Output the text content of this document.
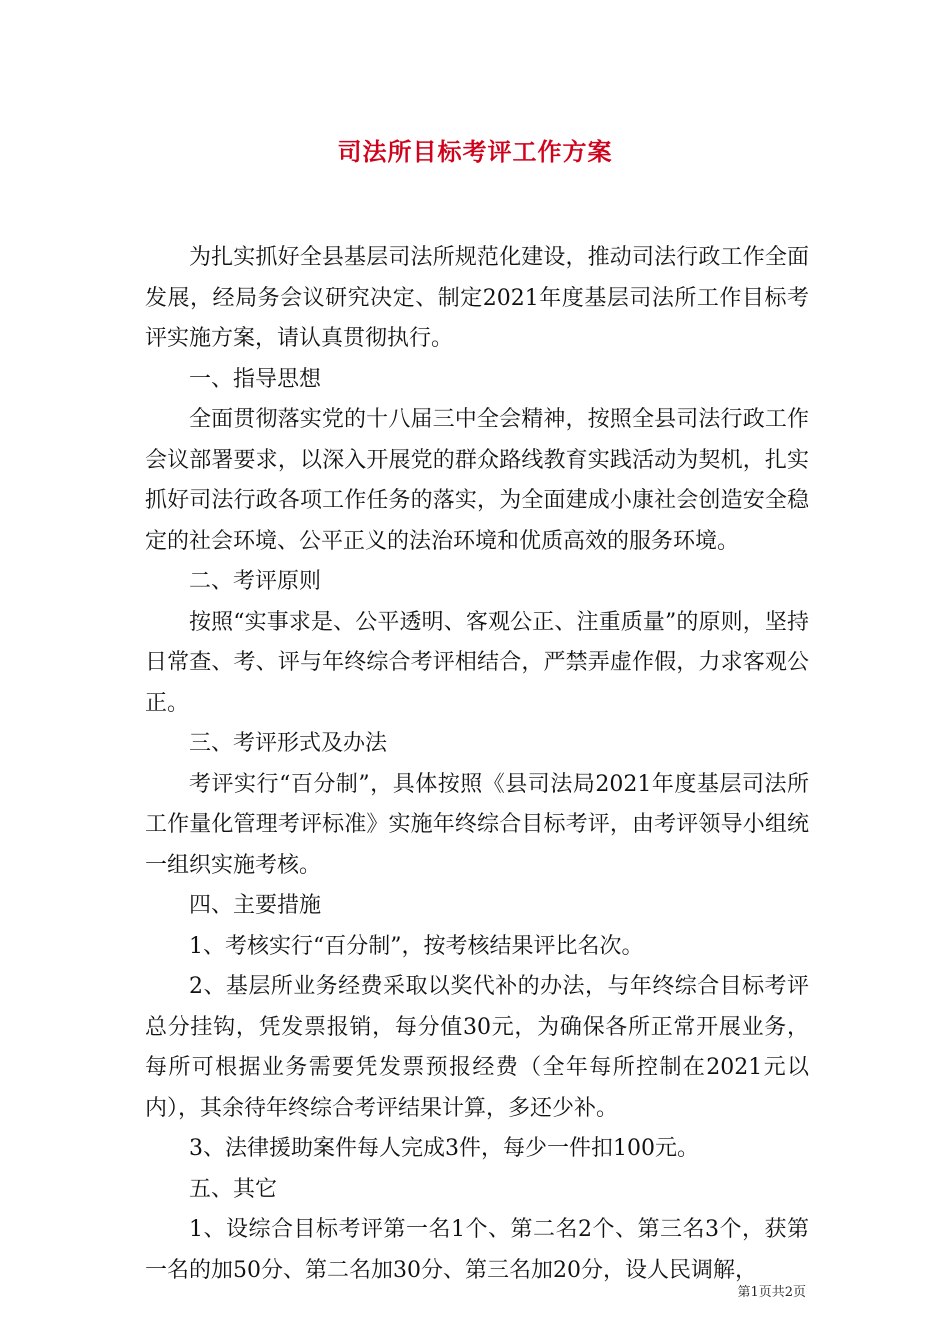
司法所目标考评工作方案

为扎实抓好全县基层司法所规范化建设，推动司法行政工作全面发展，经局务会议研究决定、制定2021年度基层司法所工作目标考评实施方案，请认真贯彻执行。

一、指导思想

全面贯彻落实党的十八届三中全会精神，按照全县司法行政工作会议部署要求，以深入开展党的群众路线教育实践活动为契机，扎实抓好司法行政各项工作任务的落实，为全面建成小康社会创造安全稳定的社会环境、公平正义的法治环境和优质高效的服务环境。

二、考评原则

按照“实事求是、公平透明、客观公正、注重质量”的原则，坚持日常查、考、评与年终综合考评相结合，严禁弄虚作假，力求客观公正。

三、考评形式及办法

考评实行“百分制”，具体按照《县司法局2021年度基层司法所工作量化管理考评标准》实施年终综合目标考评，由考评领导小组统一组织实施考核。

四、主要措施

1、考核实行“百分制”，按考核结果评比名次。

2、基层所业务经费采取以奖代补的办法，与年终综合目标考评总分挂钩，凭发票报销，每分值30元，为确保各所正常开展业务，每所可根据业务需要凭发票预报经费（全年每所控制在2021元以内），其余待年终综合考评结果计算，多还少补。

3、法律援助案件每人完成3件，每少一件扣100元。

五、其它

1、设综合目标考评第一名1个、第二名2个、第三名3个，获第一名的加50分、第二名加30分、第三名加20分，设人民调解，

第1页共2页
